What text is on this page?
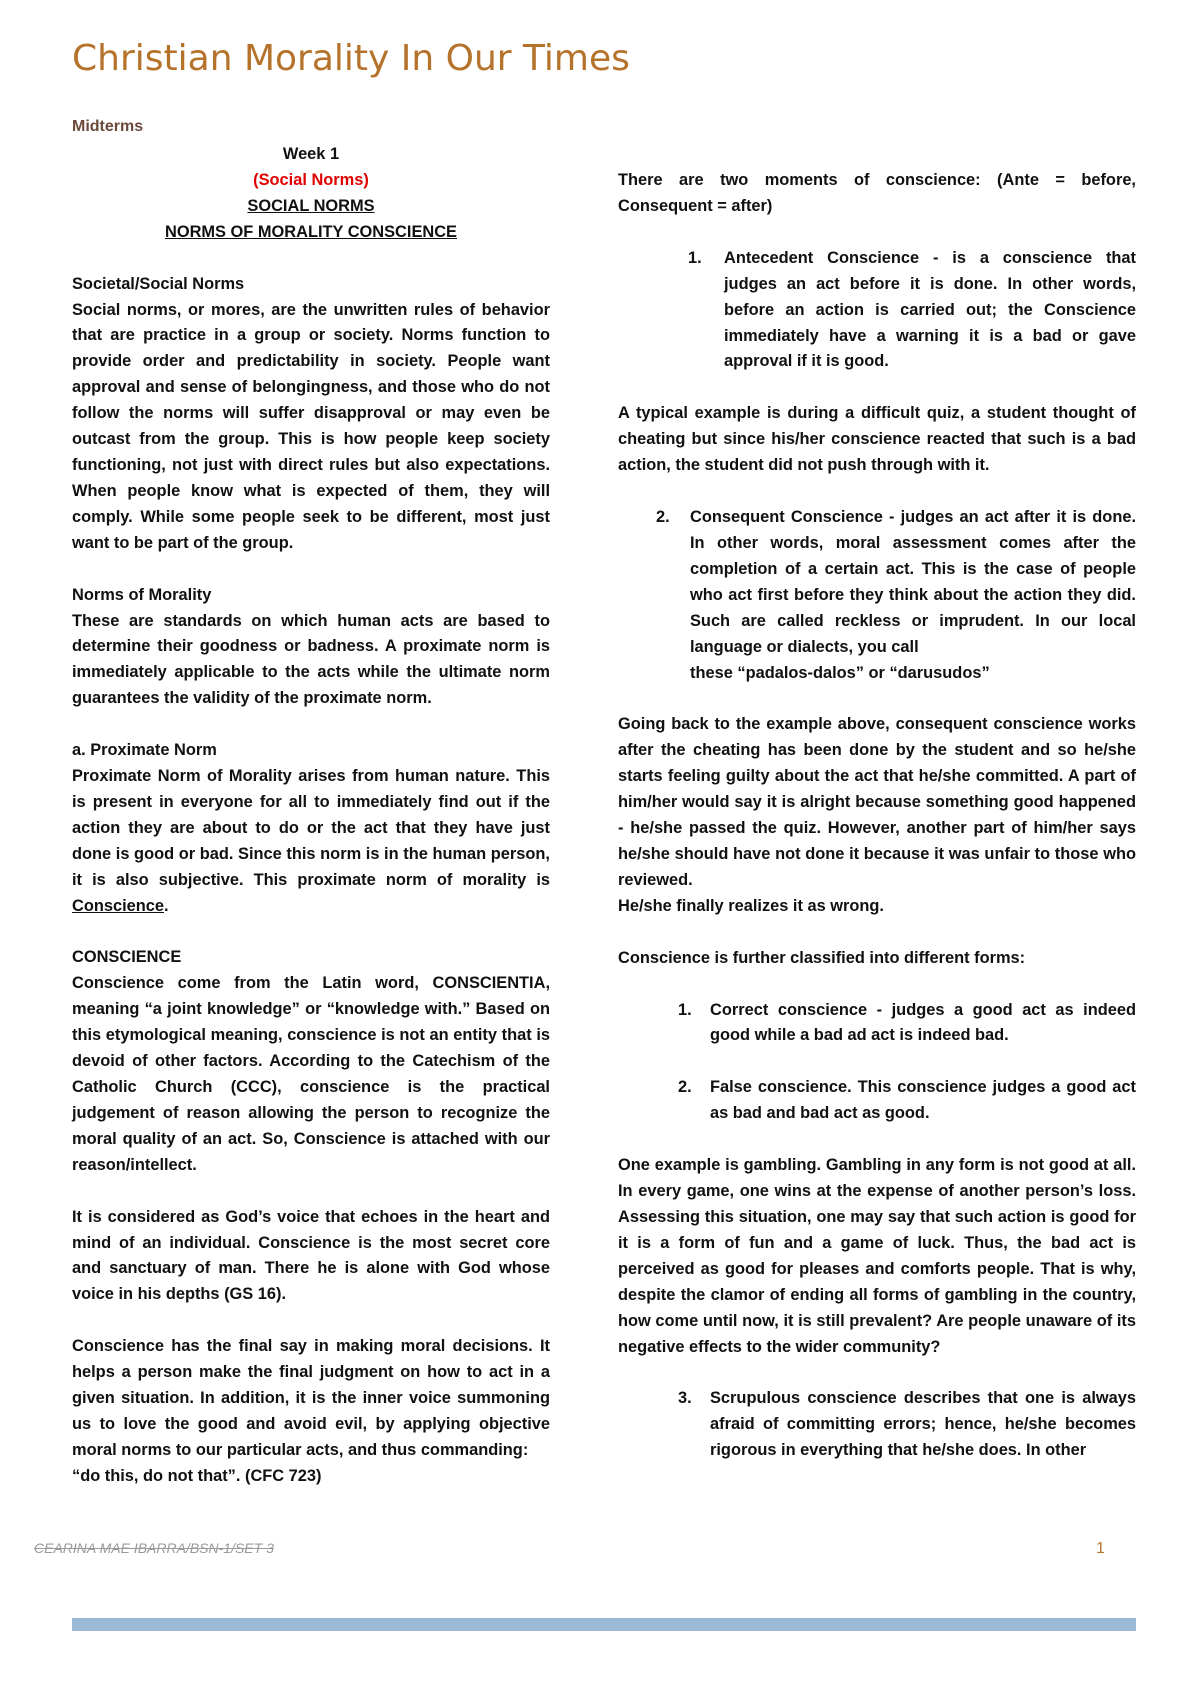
Christian Morality In Our Times
Midterms

Week 1

(Social Norms)

SOCIAL NORMS

NORMS OF MORALITY CONSCIENCE

Societal/Social Norms

Social norms, or mores, are the unwritten rules of behavior that are practice in a group or society. Norms function to provide order and predictability in society. People want approval and sense of belongingness, and those who do not follow the norms will suffer disapproval or may even be outcast from the group. This is how people keep society functioning, not just with direct rules but also expectations. When people know what is expected of them, they will comply. While some people seek to be different, most just want to be part of the group.

Norms of Morality

These are standards on which human acts are based to determine their goodness or badness. A proximate norm is immediately applicable to the acts while the ultimate norm guarantees the validity of the proximate norm.

a. Proximate Norm

Proximate Norm of Morality arises from human nature. This is present in everyone for all to immediately find out if the action they are about to do or the act that they have just done is good or bad. Since this norm is in the human person, it is also subjective. This proximate norm of morality is Conscience.

CONSCIENCE

Conscience come from the Latin word, CONSCIENTIA, meaning “a joint knowledge” or “knowledge with.” Based on this etymological meaning, conscience is not an entity that is devoid of other factors. According to the Catechism of the Catholic Church (CCC), conscience is the practical judgement of reason allowing the person to recognize the moral quality of an act. So, Conscience is attached with our reason/intellect.

It is considered as God’s voice that echoes in the heart and mind of an individual. Conscience is the most secret core and sanctuary of man. There he is alone with God whose voice in his depths (GS 16).

Conscience has the final say in making moral decisions. It helps a person make the final judgment on how to act in a given situation. In addition, it is the inner voice summoning us to love the good and avoid evil, by applying objective moral norms to our particular acts, and thus commanding:

“do this, do not that”. (CFC 723)

There are two moments of conscience: (Ante = before, Consequent = after)

1.	Antecedent Conscience - is a conscience that judges an act before it is done. In other words, before an action is carried out; the Conscience immediately have a warning it is a bad or gave approval if it is good.

A typical example is during a difficult quiz, a student thought of cheating but since his/her conscience reacted that such is a bad action, the student did not push through with it.

2.	Consequent Conscience - judges an act after it is done. In other words, moral assessment comes after the completion of a certain act. This is the case of people who act first before they think about the action they did. Such are called reckless or imprudent. In our local language or dialects, you call

these “padalos-dalos” or “darusudos”

Going back to the example above, consequent conscience works after the cheating has been done by the student and so he/she starts feeling guilty about the act that he/she committed. A part of him/her would say it is alright because something good happened - he/she passed the quiz. However, another part of him/her says he/she should have not done it because it was unfair to those who reviewed.

He/she finally realizes it as wrong.

Conscience is further classified into different forms:

1.	Correct conscience - judges a good act as indeed good while a bad ad act is indeed bad.
2.	False conscience. This conscience judges a good act as bad and bad act as good.

One example is gambling. Gambling in any form is not good at all. In every game, one wins at the expense of another person’s loss. Assessing this situation, one may say that such action is good for it is a form of fun and a game of luck. Thus, the bad act is perceived as good for pleases and comforts people. That is why, despite the clamor of ending all forms of gambling in the country, how come until now, it is still prevalent? Are people unaware of its negative effects to the wider community?

3.	Scrupulous conscience describes that one is always afraid of committing errors; hence, he/she becomes rigorous in everything that he/she does. In other
CEARINA MAE IBARRA/BSN-1/SET 3	1
